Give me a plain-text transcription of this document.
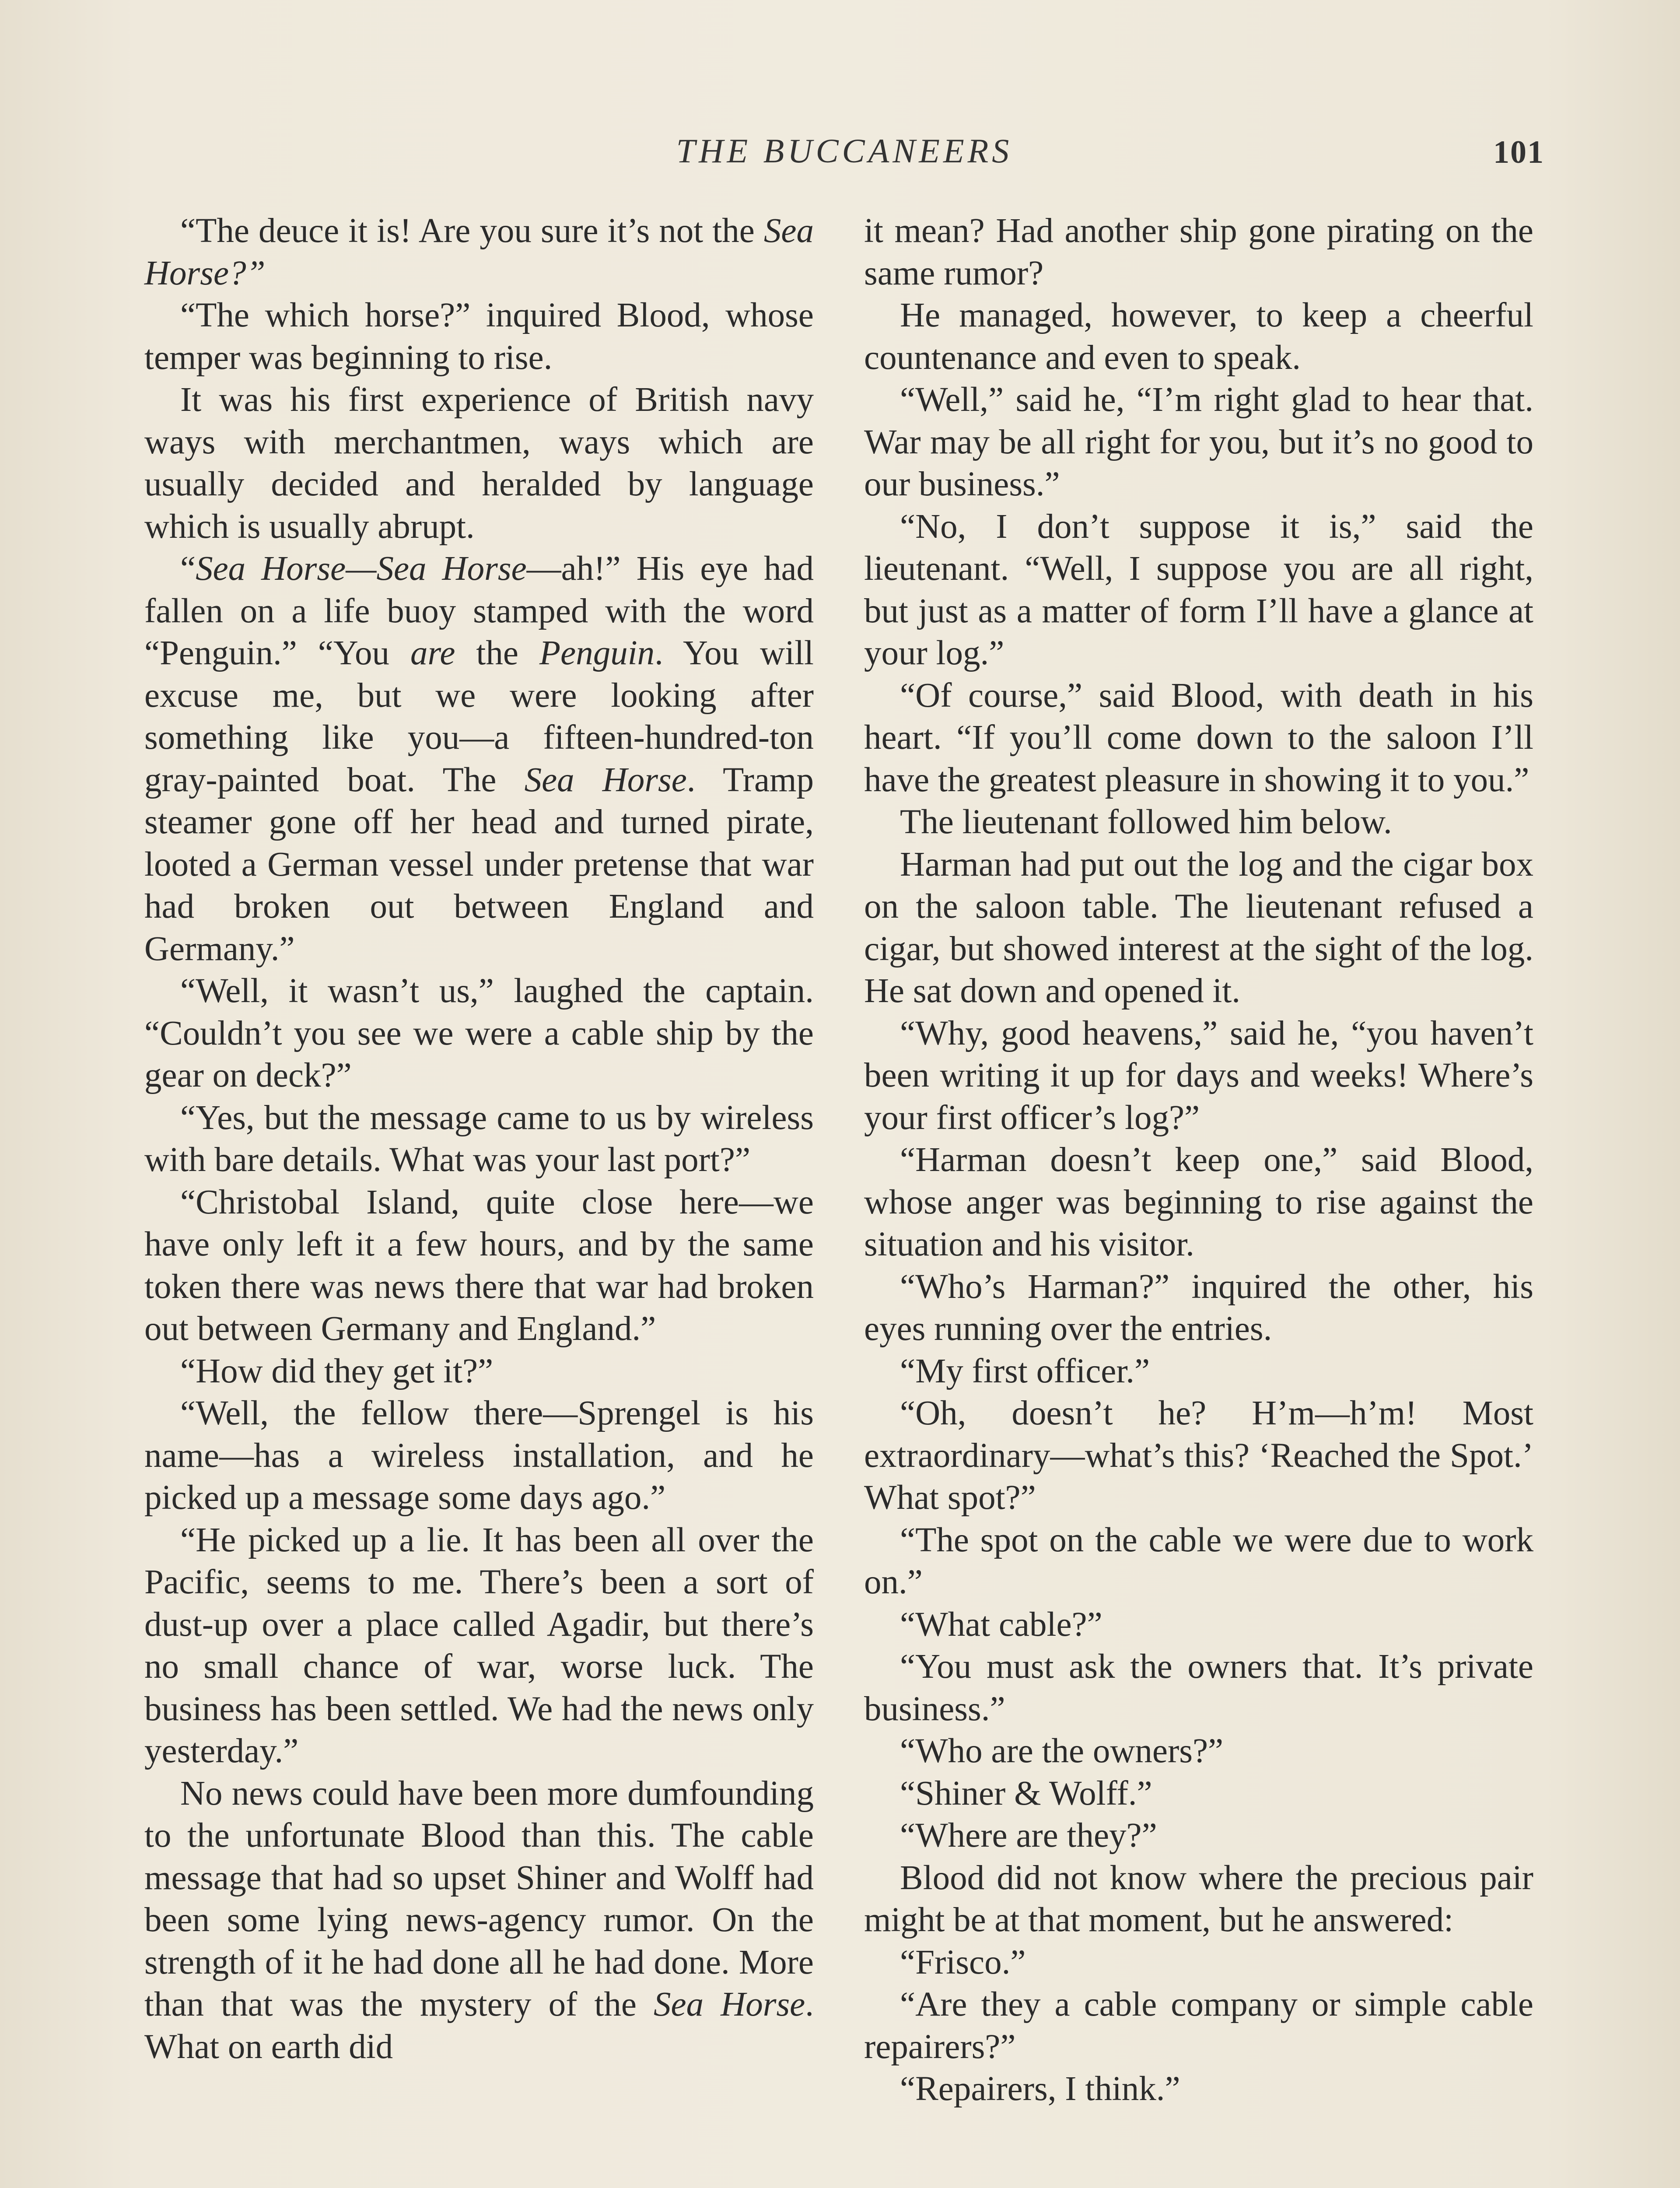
THE BUCCANEERS	101

“The deuce it is! Are you sure it’s not the Sea Horse?”

“The which horse?” inquired Blood, whose temper was beginning to rise.

It was his first experience of British navy ways with merchantmen, ways which are usually decided and heralded by language which is usually abrupt.

“Sea Horse—Sea Horse—ah!” His eye had fallen on a life buoy stamped with the word “Penguin.” “You are the Penguin. You will excuse me, but we were looking after something like you—a fifteen-hundred-ton gray-painted boat. The Sea Horse. Tramp steamer gone off her head and turned pirate, looted a German vessel under pretense that war had broken out between England and Germany.”

“Well, it wasn’t us,” laughed the captain. “Couldn’t you see we were a cable ship by the gear on deck?”

“Yes, but the message came to us by wireless with bare details. What was your last port?”

“Christobal Island, quite close here—we have only left it a few hours, and by the same token there was news there that war had broken out between Germany and England.”

“How did they get it?”

“Well, the fellow there—Sprengel is his name—has a wireless installation, and he picked up a message some days ago.”

“He picked up a lie. It has been all over the Pacific, seems to me. There’s been a sort of dust-up over a place called Agadir, but there’s no small chance of war, worse luck. The business has been settled. We had the news only yesterday.”

No news could have been more dumfounding to the unfortunate Blood than this. The cable message that had so upset Shiner and Wolff had been some lying news-agency rumor. On the strength of it he had done all he had done. More than that was the mystery of the Sea Horse. What on earth did

it mean? Had another ship gone pirating on the same rumor?

He managed, however, to keep a cheerful countenance and even to speak.

“Well,” said he, “I’m right glad to hear that. War may be all right for you, but it’s no good to our business.”

“No, I don’t suppose it is,” said the lieutenant. “Well, I suppose you are all right, but just as a matter of form I’ll have a glance at your log.”

“Of course,” said Blood, with death in his heart. “If you’ll come down to the saloon I’ll have the greatest pleasure in showing it to you.”

The lieutenant followed him below.

Harman had put out the log and the cigar box on the saloon table. The lieutenant refused a cigar, but showed interest at the sight of the log. He sat down and opened it.

“Why, good heavens,” said he, “you haven’t been writing it up for days and weeks! Where’s your first officer’s log?”

“Harman doesn’t keep one,” said Blood, whose anger was beginning to rise against the situation and his visitor.

“Who’s Harman?” inquired the other, his eyes running over the entries.

“My first officer.”

“Oh, doesn’t he? H’m—h’m! Most extraordinary—what’s this? ‘Reached the Spot.’ What spot?”

“The spot on the cable we were due to work on.”

“What cable?”

“You must ask the owners that. It’s private business.”

“Who are the owners?”

“Shiner & Wolff.”

“Where are they?”

Blood did not know where the precious pair might be at that moment, but he answered:

“Frisco.”

“Are they a cable company or simple cable repairers?”

“Repairers, I think.”
